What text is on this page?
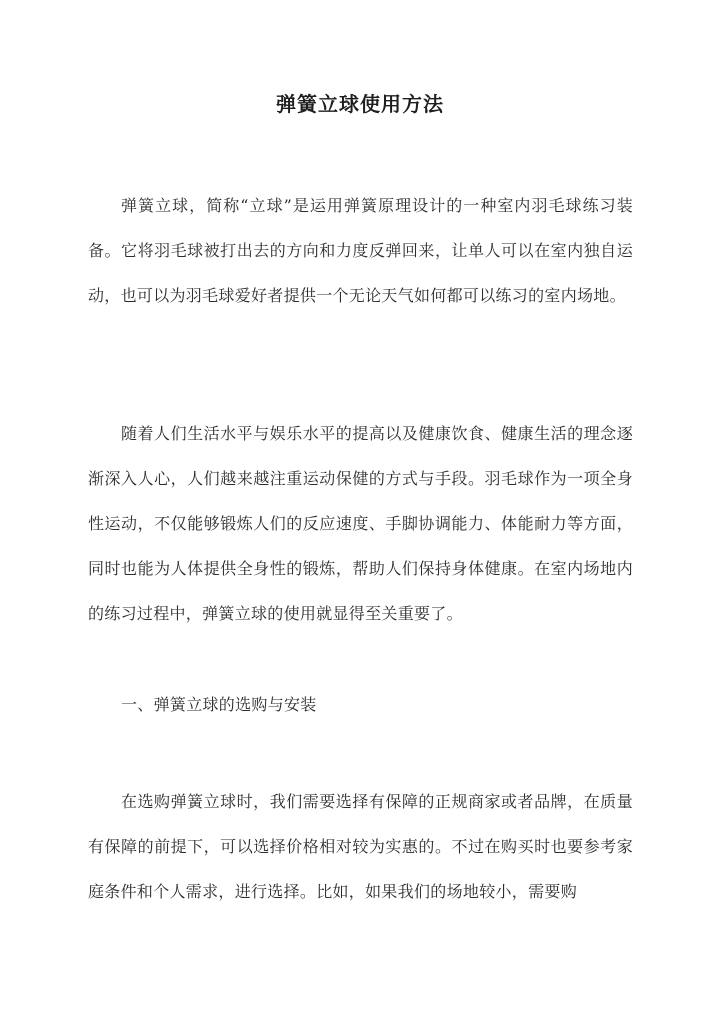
弹簧立球使用方法

弹簧立球，简称“立球”是运用弹簧原理设计的一种室内羽毛球练习装备。它将羽毛球被打出去的方向和力度反弹回来，让单人可以在室内独自运动，也可以为羽毛球爱好者提供一个无论天气如何都可以练习的室内场地。

随着人们生活水平与娱乐水平的提高以及健康饮食、健康生活的理念逐渐深入人心，人们越来越注重运动保健的方式与手段。羽毛球作为一项全身性运动，不仅能够锻炼人们的反应速度、手脚协调能力、体能耐力等方面，同时也能为人体提供全身性的锻炼，帮助人们保持身体健康。在室内场地内的练习过程中，弹簧立球的使用就显得至关重要了。

一、弹簧立球的选购与安装

在选购弹簧立球时，我们需要选择有保障的正规商家或者品牌，在质量有保障的前提下，可以选择价格相对较为实惠的。不过在购买时也要参考家庭条件和个人需求，进行选择。比如，如果我们的场地较小，需要购
